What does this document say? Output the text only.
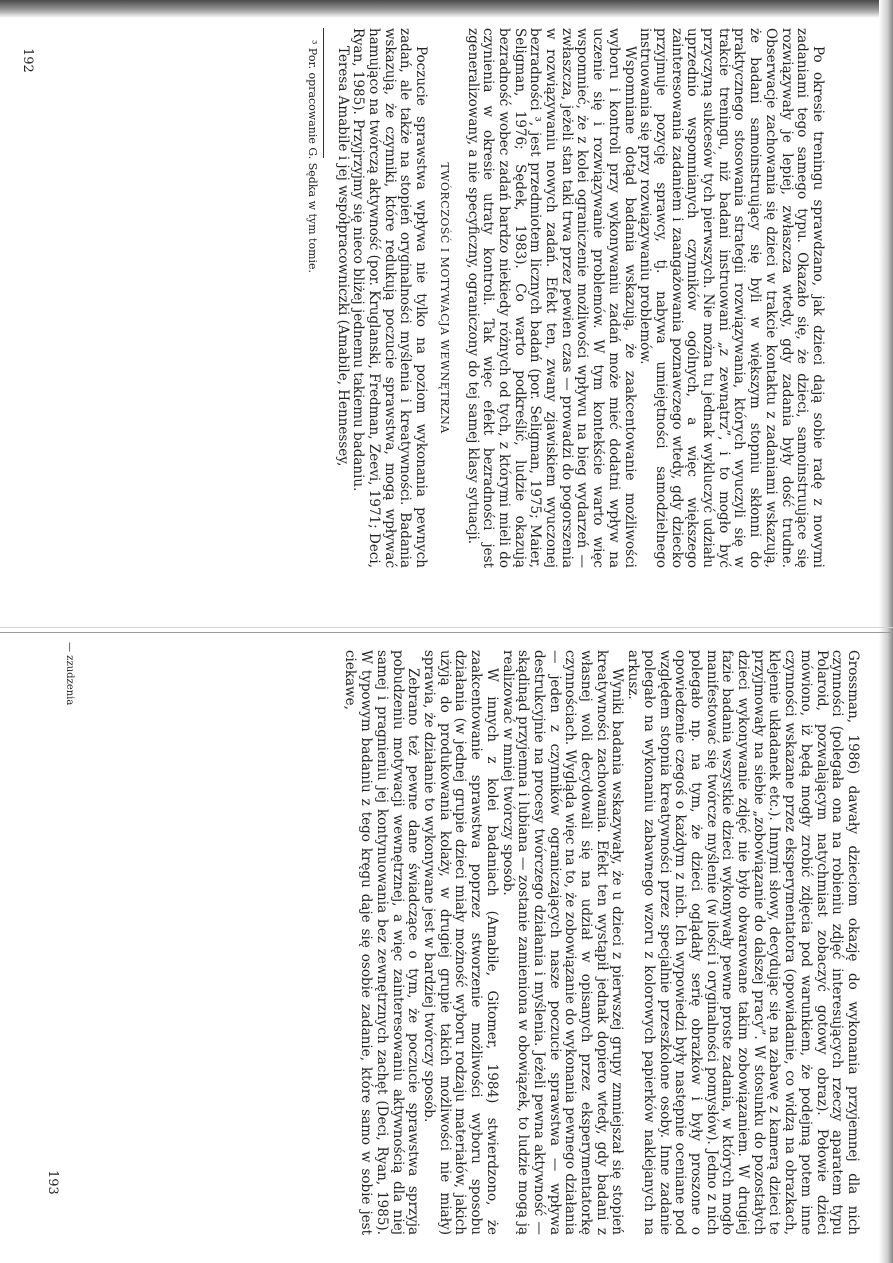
Po okresie treningu sprawdzano, jak dzieci dają sobie radę z nowymi zadaniami tego samego typu. Okazało się, że dzieci, samoinstruujące się rozwiązywały je lepiej, zwłaszcza wtedy, gdy zadania były dość trudne. Obserwacje zachowania się dzieci w trakcie kontaktu z zadaniami wskazują, że badani samoinstruujący się byli w większym stopniu skłonni do praktycznego stosowania strategii rozwiązywania, których wyuczyli się w trakcie treningu, niż badani instruowani „z zewnątrz”, i to mogło być przyczyną sukcesów tych pierwszych. Nie można tu jednak wykluczyć udziału uprzednio wspomnianych czynników ogólnych, a więc większego zainteresowania zadaniem i zaangażowania poznawczego wtedy, gdy dziecko przyjmuje pozycję sprawcy, tj. nabywa umiejętności samodzielnego instruowania się przy rozwiązywaniu problemów.

Wspomniane dotąd badania wskazują, że zaakcentowanie możliwości wyboru i kontroli przy wykonywaniu zadań może mieć dodatni wpływ na uczenie się i rozwiązywanie problemów. W tym kontekście warto więc wspomnieć, że z kolei ograniczenie możliwości wpływu na bieg wydarzeń — zwłaszcza, jeżeli stan taki trwa przez pewien czas — prowadzi do pogorszenia w rozwiązywaniu nowych zadań. Efekt ten, zwany zjawiskiem wyuczonej bezradności ³, jest przedmiotem licznych badań (por. Seligman, 1975; Maier, Seligman, 1976; Sędek, 1983). Co warto podkreślić, ludzie okazują bezradność wobec zadań bardzo niekiedy różnych od tych, z którymi mieli do czynienia w okresie utraty kontroli. Tak więc efekt bezradności jest zgeneralizowany, a nie specyficzny, ograniczony do tej samej klasy sytuacji.

TWÓRCZOŚĆ I MOTYWACJA WEWNĘTRZNA

Poczucie sprawstwa wpływa nie tylko na poziom wykonania pewnych zadań, ale także na stopień oryginalności myślenia i kreatywności. Badania wskazują, że czynniki, które redukują poczucie sprawstwa, mogą wpływać hamująco na twórczą aktywność (por. Kruglanski, Fredman, Zeevi, 1971; Deci, Ryan, 1985). Przyjrzyjmy się nieco bliżej jednemu takiemu badaniu.

Teresa Amabile i jej współpracowniczki (Amabile, Hennessey,

³ Por. opracowanie G. Sędka w tym tomie.
192

Grossman, 1986) dawały dzieciom okazję do wykonania przyjemnej dla nich czynności (polegała ona na robieniu zdjęć interesujących rzeczy aparatem typu Polaroid, pozwalającym natychmiast zobaczyć gotowy obraz). Połowie dzieci mówiono, iż będą mogły zrobić zdjęcia pod warunkiem, że podejmą potem inne czynności wskazane przez eksperymentatora (opowiadanie, co widzą na obrazkach, klejenie układanek etc.). Innymi słowy, decydując się na zabawę z kamerą dzieci te przyjmowały na siebie „zobowiązanie do dalszej pracy”. W stosunku do pozostałych dzieci wykonywanie zdjęć nie było obwarowane takim zobowiązaniem. W drugiej fazie badania wszystkie dzieci wykonywały pewne proste zadania, w których mogło manifestować się twórcze myślenie (w ilości i oryginalności pomysłów). Jedno z nich polegało np. na tym, że dzieci oglądały serię obrazków i były proszone o opowiedzenie czegoś o każdym z nich. Ich wypowiedzi były następnie oceniane pod względem stopnia kreatywności przez specjalnie przeszkolone osoby. Inne zadanie polegało na wykonaniu zabawnego wzoru z kolorowych papierków naklejanych na arkusz.

Wyniki badania wskazywały, że u dzieci z pierwszej grupy zmniejszał się stopień kreatywności zachowania. Efekt ten wystąpił jednak dopiero wtedy, gdy badani z własnej woli decydowali się na udział w opisanych przez eksperymentatorkę czynnościach. Wygląda więc na to, że zobowiązanie do wykonania pewnego działania — jeden z czynników ograniczających nasze poczucie sprawstwa — wpływa destrukcyjnie na procesy twórczego działania i myślenia. Jeżeli pewna aktywność — skądinąd przyjemna i lubiana — zostanie zamieniona w obowiązek, to ludzie mogą ją realizować w mniej twórczy sposób.

W innych z kolei badaniach (Amabile, Gitomer, 1984) stwierdzono, że zaakcentowanie sprawstwa poprzez stworzenie możliwości wyboru sposobu działania (w jednej grupie dzieci miały możność wyboru rodzaju materiałów, jakich użyją do produkowania kolaży, w drugiej grupie takich możliwości nie miały) sprawia, że działanie to wykonywane jest w bardziej twórczy sposób.

Zebrano też pewne dane świadczące o tym, że poczucie sprawstwa sprzyja pobudzeniu motywacji wewnętrznej, a więc zainteresowaniu aktywnością dla niej samej i pragnieniu jej kontynuowania bez zewnętrznych zachęt (Deci, Ryan, 1985). W typowym badaniu z tego kręgu daje się osobie zadanie, które samo w sobie jest ciekawe,

— zzudzenia
193
